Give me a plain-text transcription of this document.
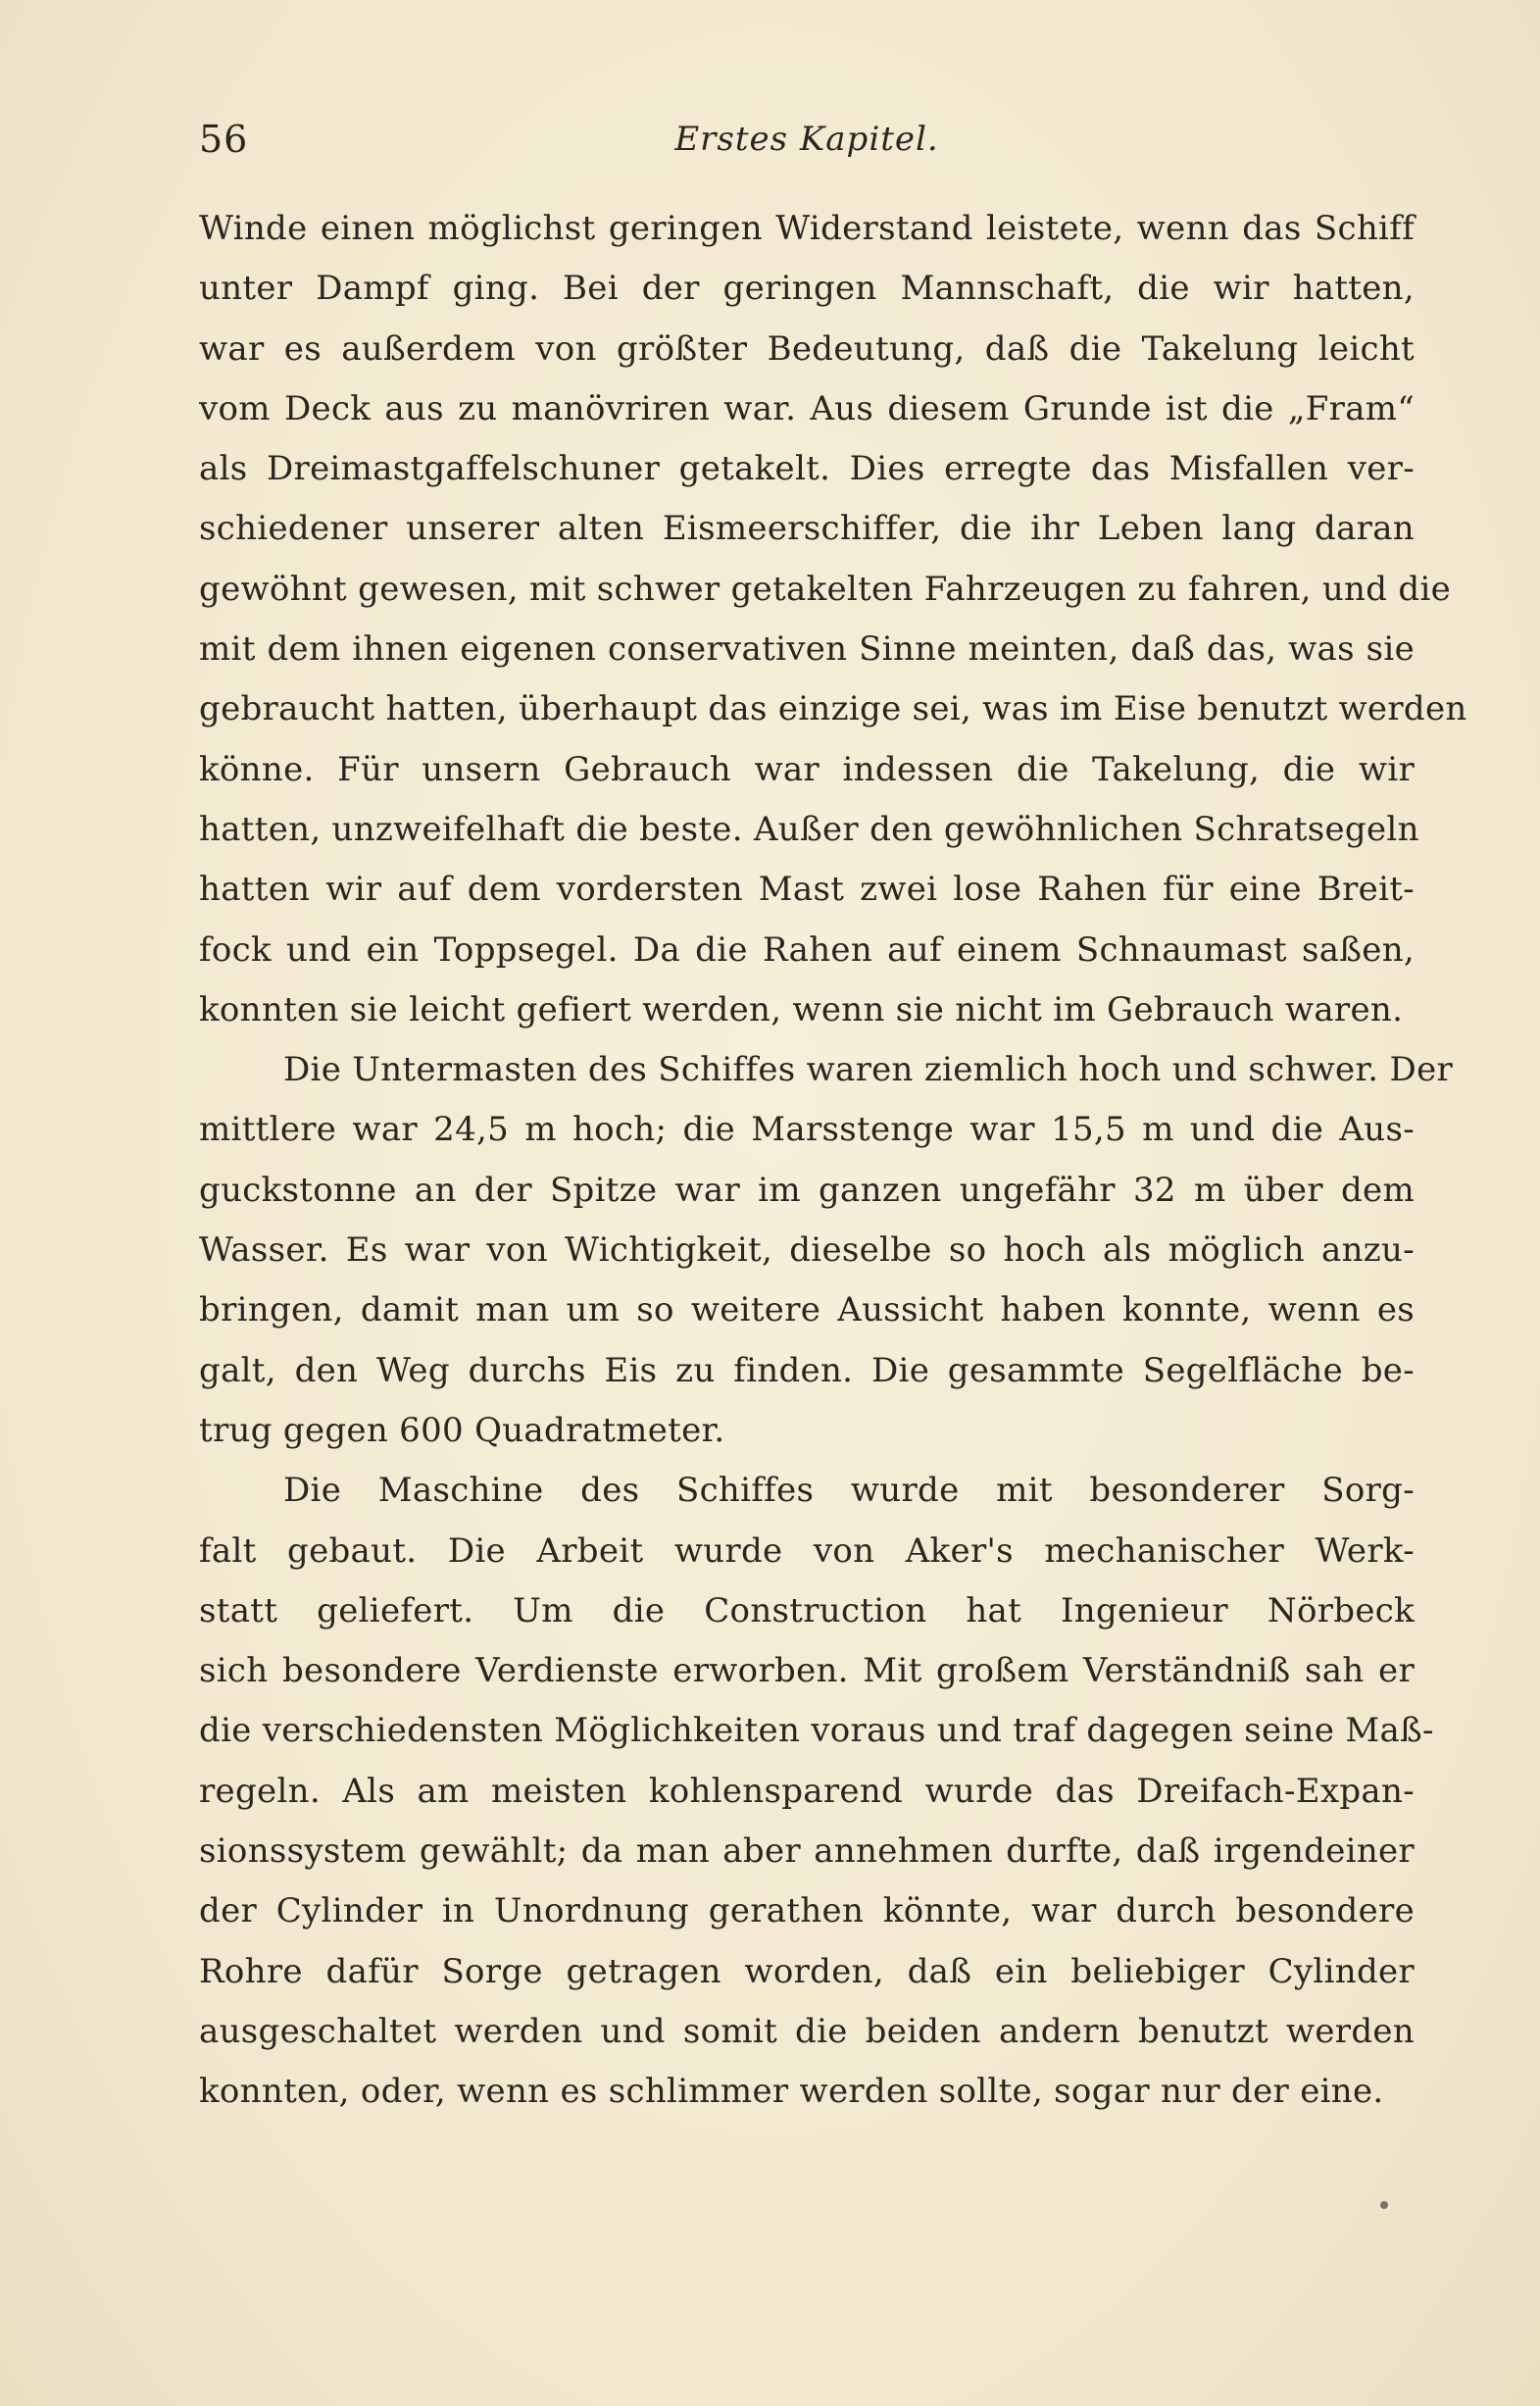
56	Erstes Kapitel.
Winde einen möglichst geringen Widerstand leistete, wenn das Schiff
unter Dampf ging. Bei der geringen Mannschaft, die wir hatten,
war es außerdem von größter Bedeutung, daß die Takelung leicht
vom Deck aus zu manövriren war. Aus diesem Grunde ist die „Fram“
als Dreimastgaffelschuner getakelt. Dies erregte das Misfallen ver-
schiedener unserer alten Eismeerschiffer, die ihr Leben lang daran
gewöhnt gewesen, mit schwer getakelten Fahrzeugen zu fahren, und die
mit dem ihnen eigenen conservativen Sinne meinten, daß das, was sie
gebraucht hatten, überhaupt das einzige sei, was im Eise benutzt werden
könne. Für unsern Gebrauch war indessen die Takelung, die wir
hatten, unzweifelhaft die beste. Außer den gewöhnlichen Schratsegeln
hatten wir auf dem vordersten Mast zwei lose Rahen für eine Breit-
fock und ein Toppsegel. Da die Rahen auf einem Schnaumast saßen,
konnten sie leicht gefiert werden, wenn sie nicht im Gebrauch waren.
Die Untermasten des Schiffes waren ziemlich hoch und schwer. Der
mittlere war 24,5 m hoch; die Marsstenge war 15,5 m und die Aus-
guckstonne an der Spitze war im ganzen ungefähr 32 m über dem
Wasser. Es war von Wichtigkeit, dieselbe so hoch als möglich anzu-
bringen, damit man um so weitere Aussicht haben konnte, wenn es
galt, den Weg durchs Eis zu finden. Die gesammte Segelfläche be-
trug gegen 600 Quadratmeter.
Die Maschine des Schiffes wurde mit besonderer Sorg-
falt gebaut. Die Arbeit wurde von Aker's mechanischer Werk-
statt geliefert. Um die Construction hat Ingenieur Nörbeck
sich besondere Verdienste erworben. Mit großem Verständniß sah er
die verschiedensten Möglichkeiten voraus und traf dagegen seine Maß-
regeln. Als am meisten kohlensparend wurde das Dreifach-Expan-
sionssystem gewählt; da man aber annehmen durfte, daß irgendeiner
der Cylinder in Unordnung gerathen könnte, war durch besondere
Rohre dafür Sorge getragen worden, daß ein beliebiger Cylinder
ausgeschaltet werden und somit die beiden andern benutzt werden
konnten, oder, wenn es schlimmer werden sollte, sogar nur der eine.
